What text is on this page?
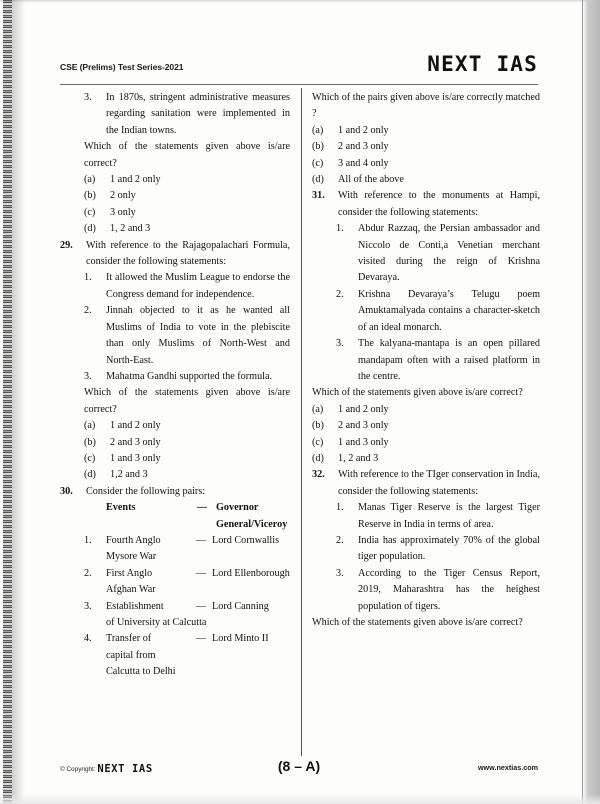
CSE (Prelims) Test Series-2021	NEXT IAS
3.	In 1870s, stringent administrative measures regarding sanitation were implemented in the Indian towns.
Which of the statements given above is/are correct?
(a)	1 and 2 only
(b)	2 only
(c)	3 only
(d)	1, 2 and 3
29.	With reference to the Rajagopalachari Formula, consider the following statements:
1.	It allowed the Muslim League to endorse the Congress demand for independence.
2.	Jinnah objected to it as he wanted all Muslims of India to vote in the plebiscite than only Muslims of North-West and North-East.
3.	Mahatma Gandhi supported the formula.
Which of the statements given above is/are correct?
(a)	1 and 2 only
(b)	2 and 3 only
(c)	1 and 3 only
(d)	1,2 and 3
30.	Consider the following pairs:
Events	— Governor
General/Viceroy
1.	Fourth Anglo	— Lord Cornwallis
Mysore War
2.	First Anglo	— Lord Ellenborough
Afghan War
3.	Establishment	— Lord Canning
of University at Calcutta
4.	Transfer of	— Lord Minto II
capital from
Calcutta to Delhi
Which of the pairs given above is/are correctly matched ?
(a)	1 and 2 only
(b)	2 and 3 only
(c)	3 and 4 only
(d)	All of the above
31.	With reference to the monuments at Hampi, consider the following statements:
1.	Abdur Razzaq, the Persian ambassador and Niccolo de Conti,a Venetian merchant visited during the reign of Krishna Devaraya.
2.	Krishna Devaraya’s Telugu poem Amuktamalyada contains a character-sketch of an ideal monarch.
3.	The kalyana-mantapa is an open pillared mandapam often with a raised platform in the centre.
Which of the statements given above is/are correct?
(a)	1 and 2 only
(b)	2 and 3 only
(c)	1 and 3 only
(d)	1, 2 and 3
32.	With reference to the TIger conservation in India, consider the following statements:
1.	Manas Tiger Reserve is the largest Tiger Reserve in India in terms of area.
2.	India has approximately 70% of the global tiger population.
3.	According to the Tiger Census Report, 2019, Maharashtra has the heighest population of tigers.
Which of the statements given above is/are correct?
© Copyright: NEXT IAS	(8 – A)	www.nextias.com
